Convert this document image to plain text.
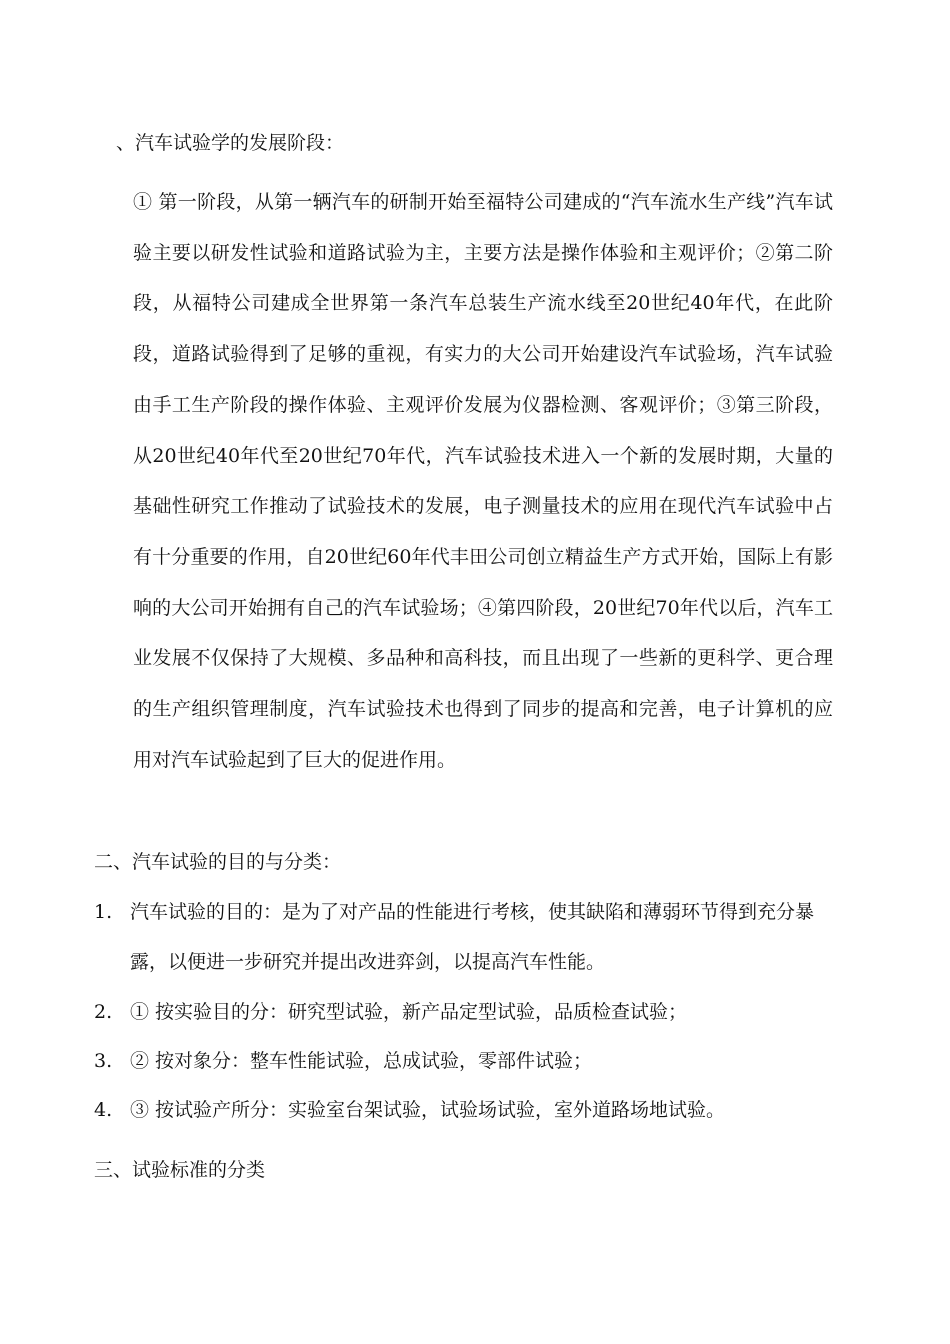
、汽车试验学的发展阶段：
① 第一阶段，从第一辆汽车的研制开始至福特公司建成的“汽车流水生产线”汽车试验主要以研发性试验和道路试验为主，主要方法是操作体验和主观评价；②第二阶段，从福特公司建成全世界第一条汽车总装生产流水线至20世纪40年代，在此阶段，道路试验得到了足够的重视，有实力的大公司开始建设汽车试验场，汽车试验由手工生产阶段的操作体验、主观评价发展为仪器检测、客观评价；③第三阶段，从20世纪40年代至20世纪70年代，汽车试验技术进入一个新的发展时期，大量的基础性研究工作推动了试验技术的发展，电子测量技术的应用在现代汽车试验中占有十分重要的作用，自20世纪60年代丰田公司创立精益生产方式开始，国际上有影响的大公司开始拥有自己的汽车试验场；④第四阶段，20世纪70年代以后，汽车工业发展不仅保持了大规模、多品种和高科技，而且出现了一些新的更科学、更合理的生产组织管理制度，汽车试验技术也得到了同步的提高和完善，电子计算机的应用对汽车试验起到了巨大的促进作用。
二、汽车试验的目的与分类：
1. 汽车试验的目的：是为了对产品的性能进行考核，使其缺陷和薄弱环节得到充分暴露，以便进一步研究并提出改进弈剑，以提高汽车性能。
2. ① 按实验目的分：研究型试验，新产品定型试验，品质检查试验；
3. ② 按对象分：整车性能试验，总成试验，零部件试验；
4. ③ 按试验产所分：实验室台架试验，试验场试验，室外道路场地试验。
三、试验标准的分类
